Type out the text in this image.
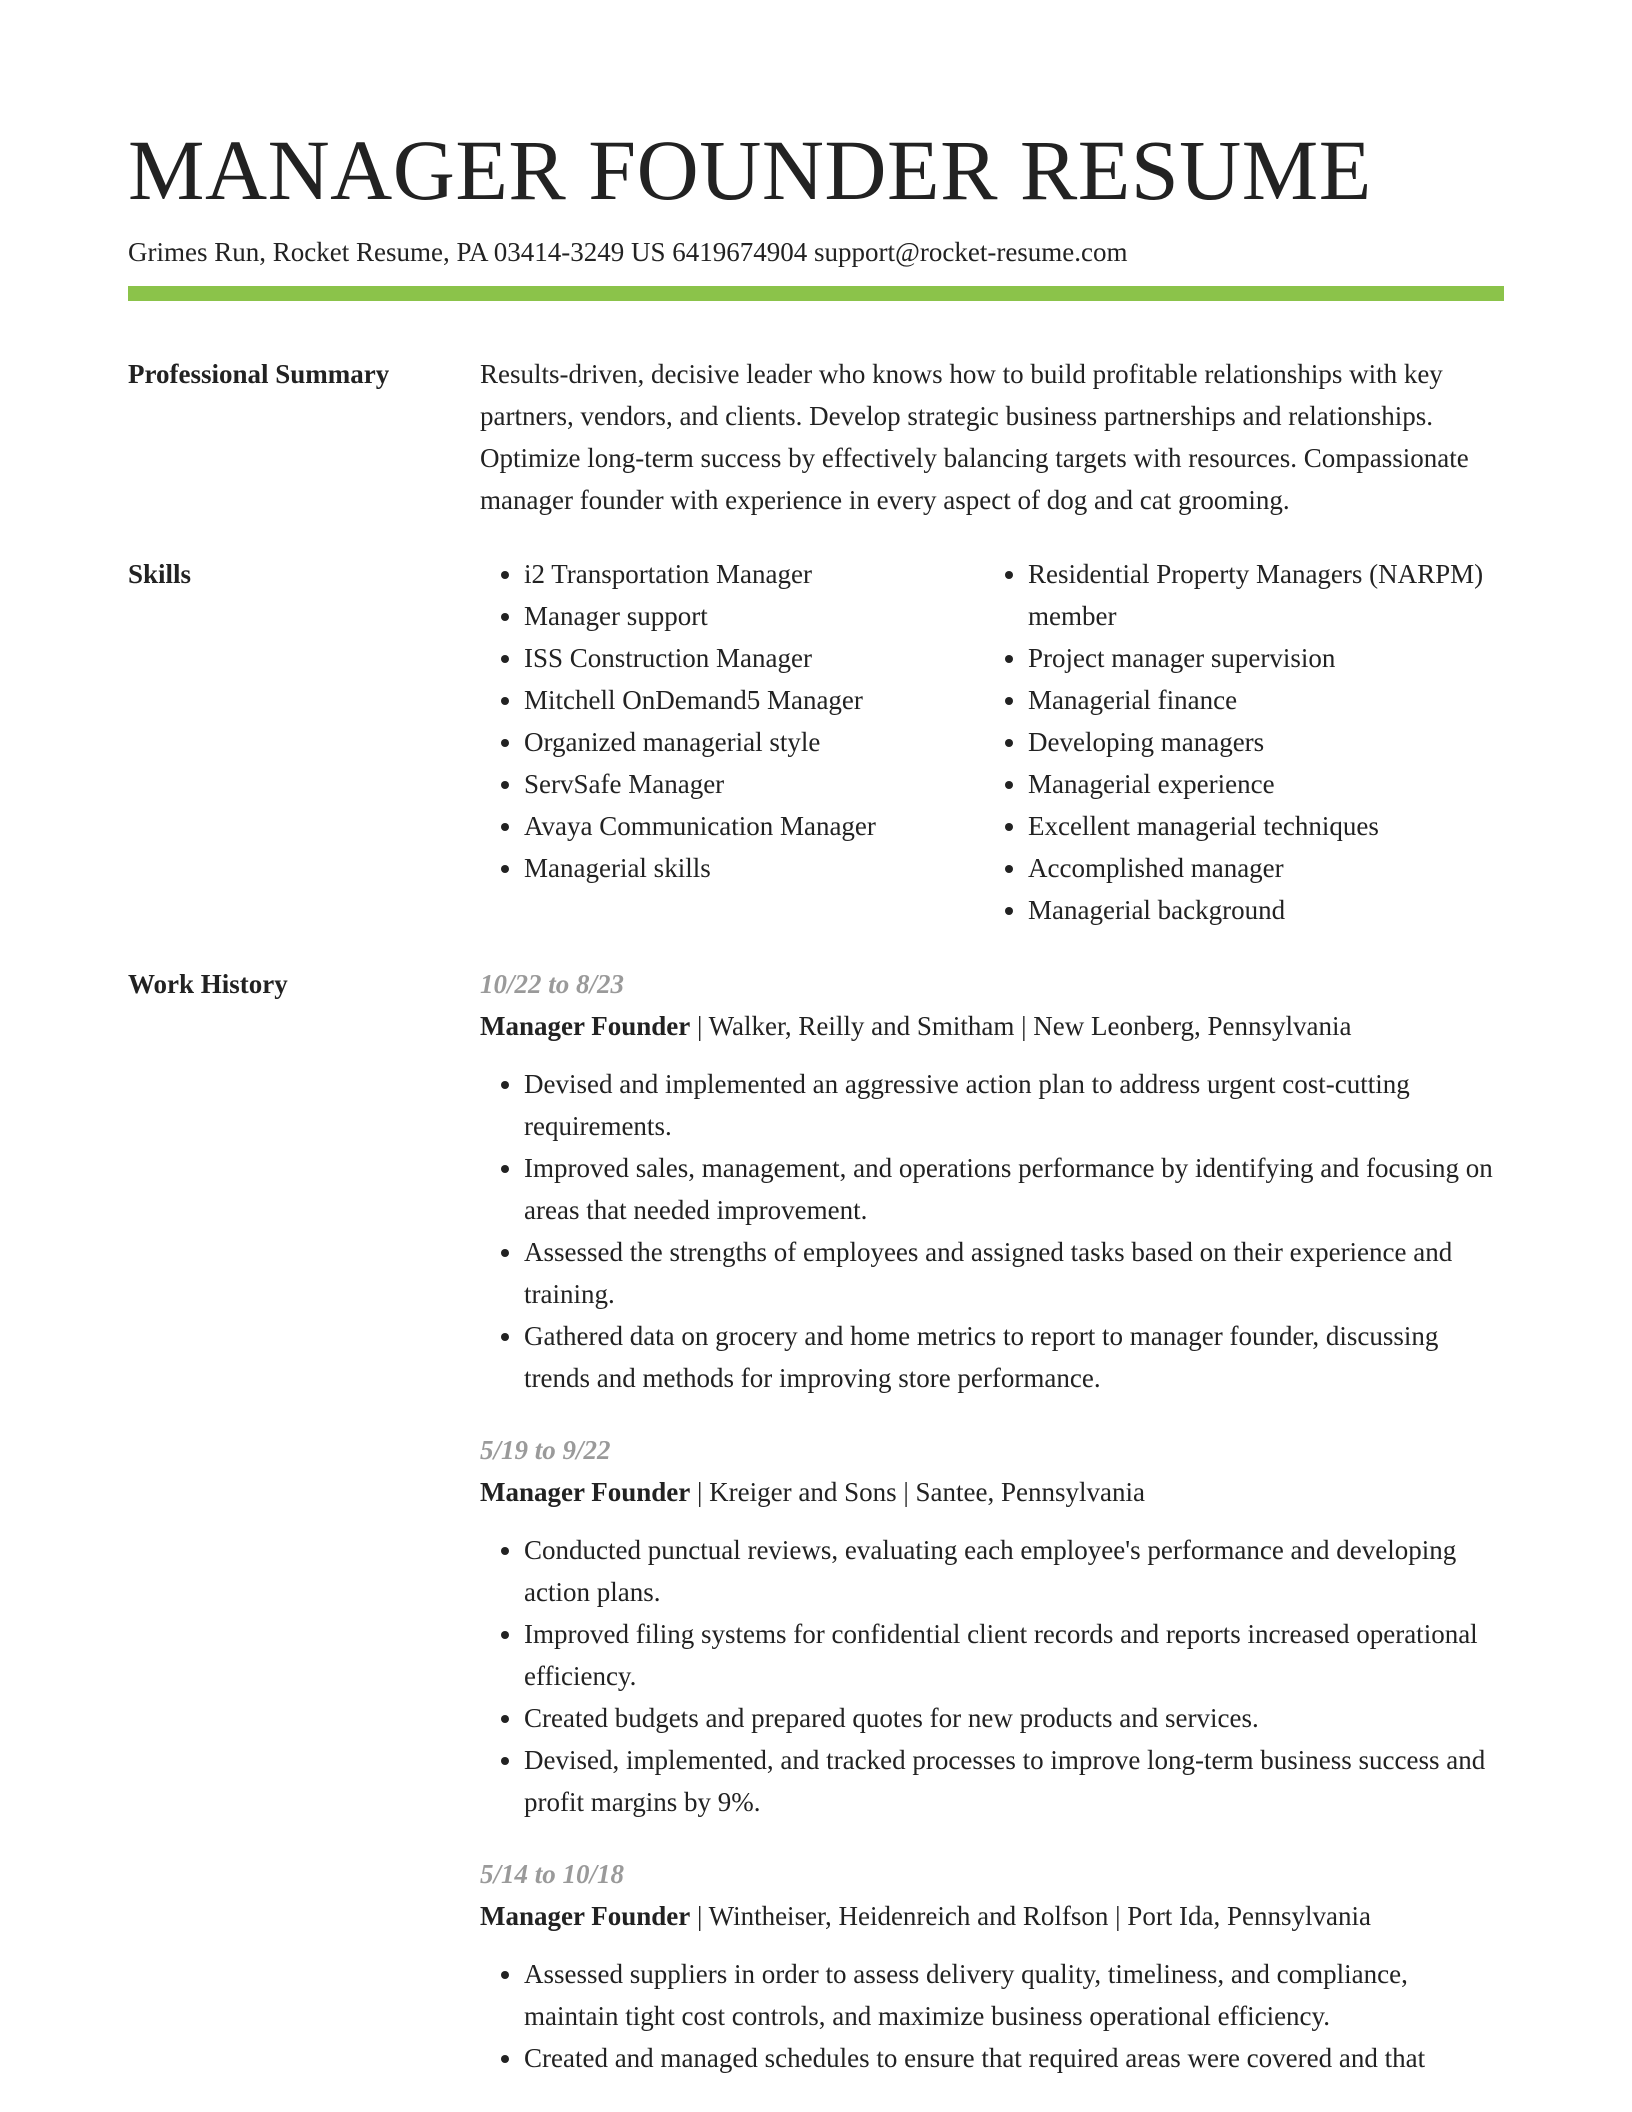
MANAGER FOUNDER RESUME
Grimes Run, Rocket Resume, PA 03414-3249 US 6419674904 support@rocket-resume.com
Professional Summary	Results-driven, decisive leader who knows how to build profitable relationships with key partners, vendors, and clients. Develop strategic business partnerships and relationships. Optimize long-term success by effectively balancing targets with resources. Compassionate manager founder with experience in every aspect of dog and cat grooming.

Skills
•	i2 Transportation Manager
• Manager support
• ISS Construction Manager
• Mitchell OnDemand5 Manager
• Organized managerial style
• ServSafe Manager
• Avaya Communication Manager
• Managerial skills
• Residential Property Managers (NARPM) member
• Project manager supervision
• Managerial finance
• Developing managers
• Managerial experience
• Excellent managerial techniques
• Accomplished manager
• Managerial background
Work History	10/22 to 8/23
Manager Founder | Walker, Reilly and Smitham | New Leonberg, Pennsylvania
• Devised and implemented an aggressive action plan to address urgent cost-cutting requirements.
• Improved sales, management, and operations performance by identifying and focusing on areas that needed improvement.
• Assessed the strengths of employees and assigned tasks based on their experience and training.
• Gathered data on grocery and home metrics to report to manager founder, discussing trends and methods for improving store performance.
5/19 to 9/22
Manager Founder | Kreiger and Sons | Santee, Pennsylvania
• Conducted punctual reviews, evaluating each employee's performance and developing action plans.
• Improved filing systems for confidential client records and reports increased operational efficiency.
• Created budgets and prepared quotes for new products and services.
• Devised, implemented, and tracked processes to improve long-term business success and profit margins by 9%.
5/14 to 10/18
Manager Founder | Wintheiser, Heidenreich and Rolfson | Port Ida, Pennsylvania
• Assessed suppliers in order to assess delivery quality, timeliness, and compliance, maintain tight cost controls, and maximize business operational efficiency.
• Created and managed schedules to ensure that required areas were covered and that
